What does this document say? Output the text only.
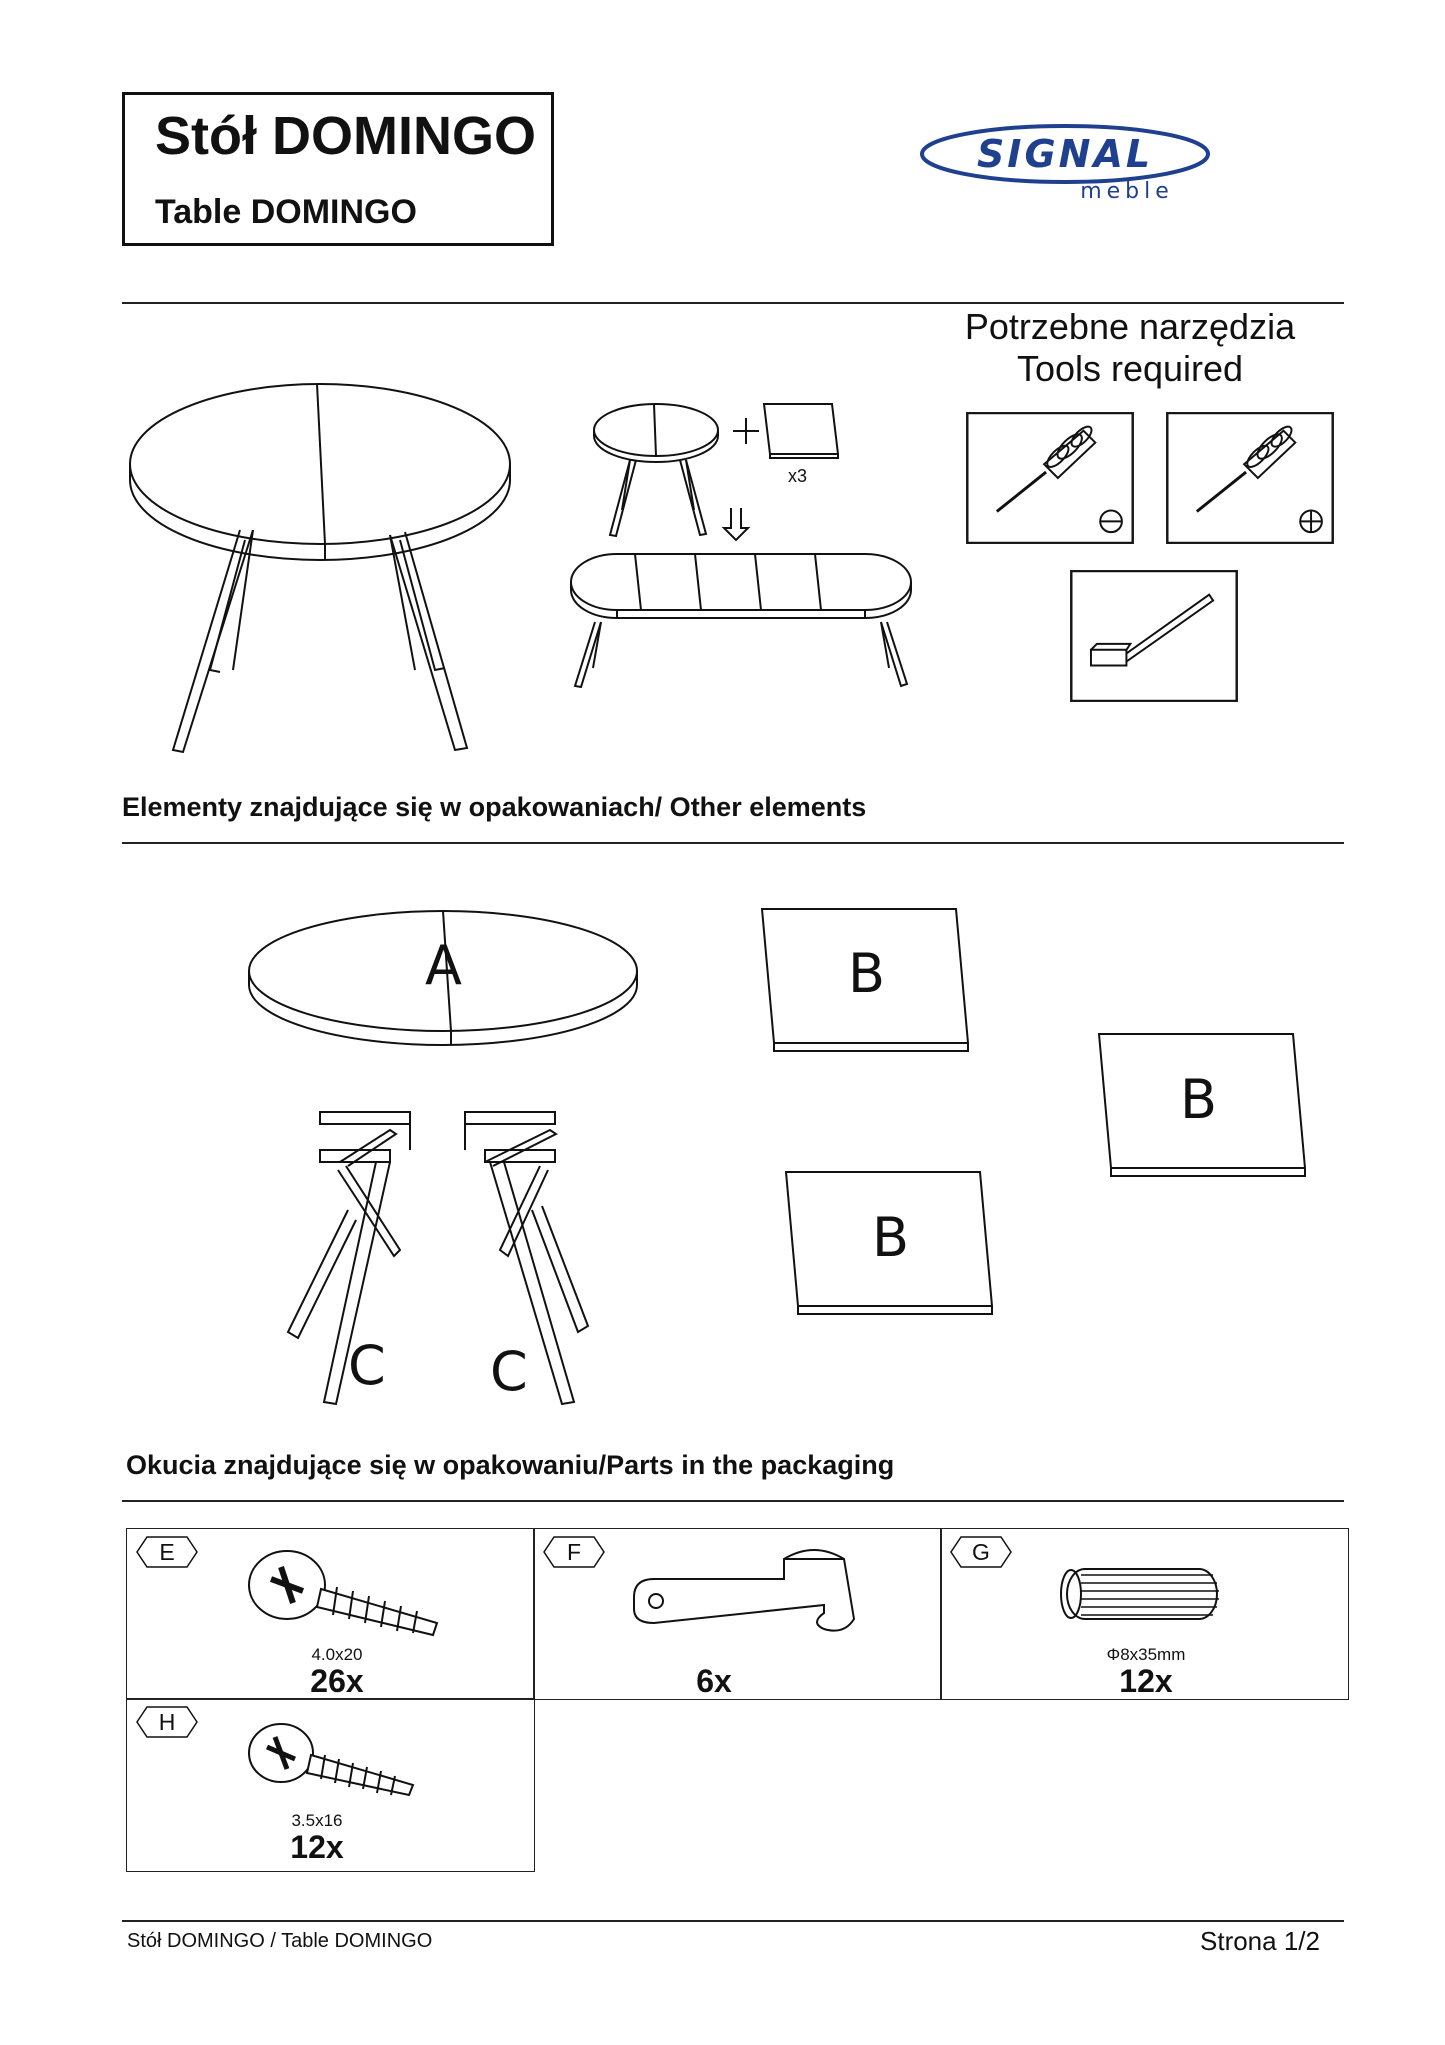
Stół DOMINGO
Table DOMINGO
SIGNAL
meble
x3
Potrzebne narzędzia
Tools required
Elementy znajdujące się w opakowaniach/ Other elements
A	B
B
B
C C
Okucia znajdujące się w opakowaniu/Parts in the packaging
E
4.0x20
26x
F
6x
G
Φ8x35mm
12x
H
3.5x16
12x
Stół DOMINGO / Table DOMINGO	Strona 1/2
